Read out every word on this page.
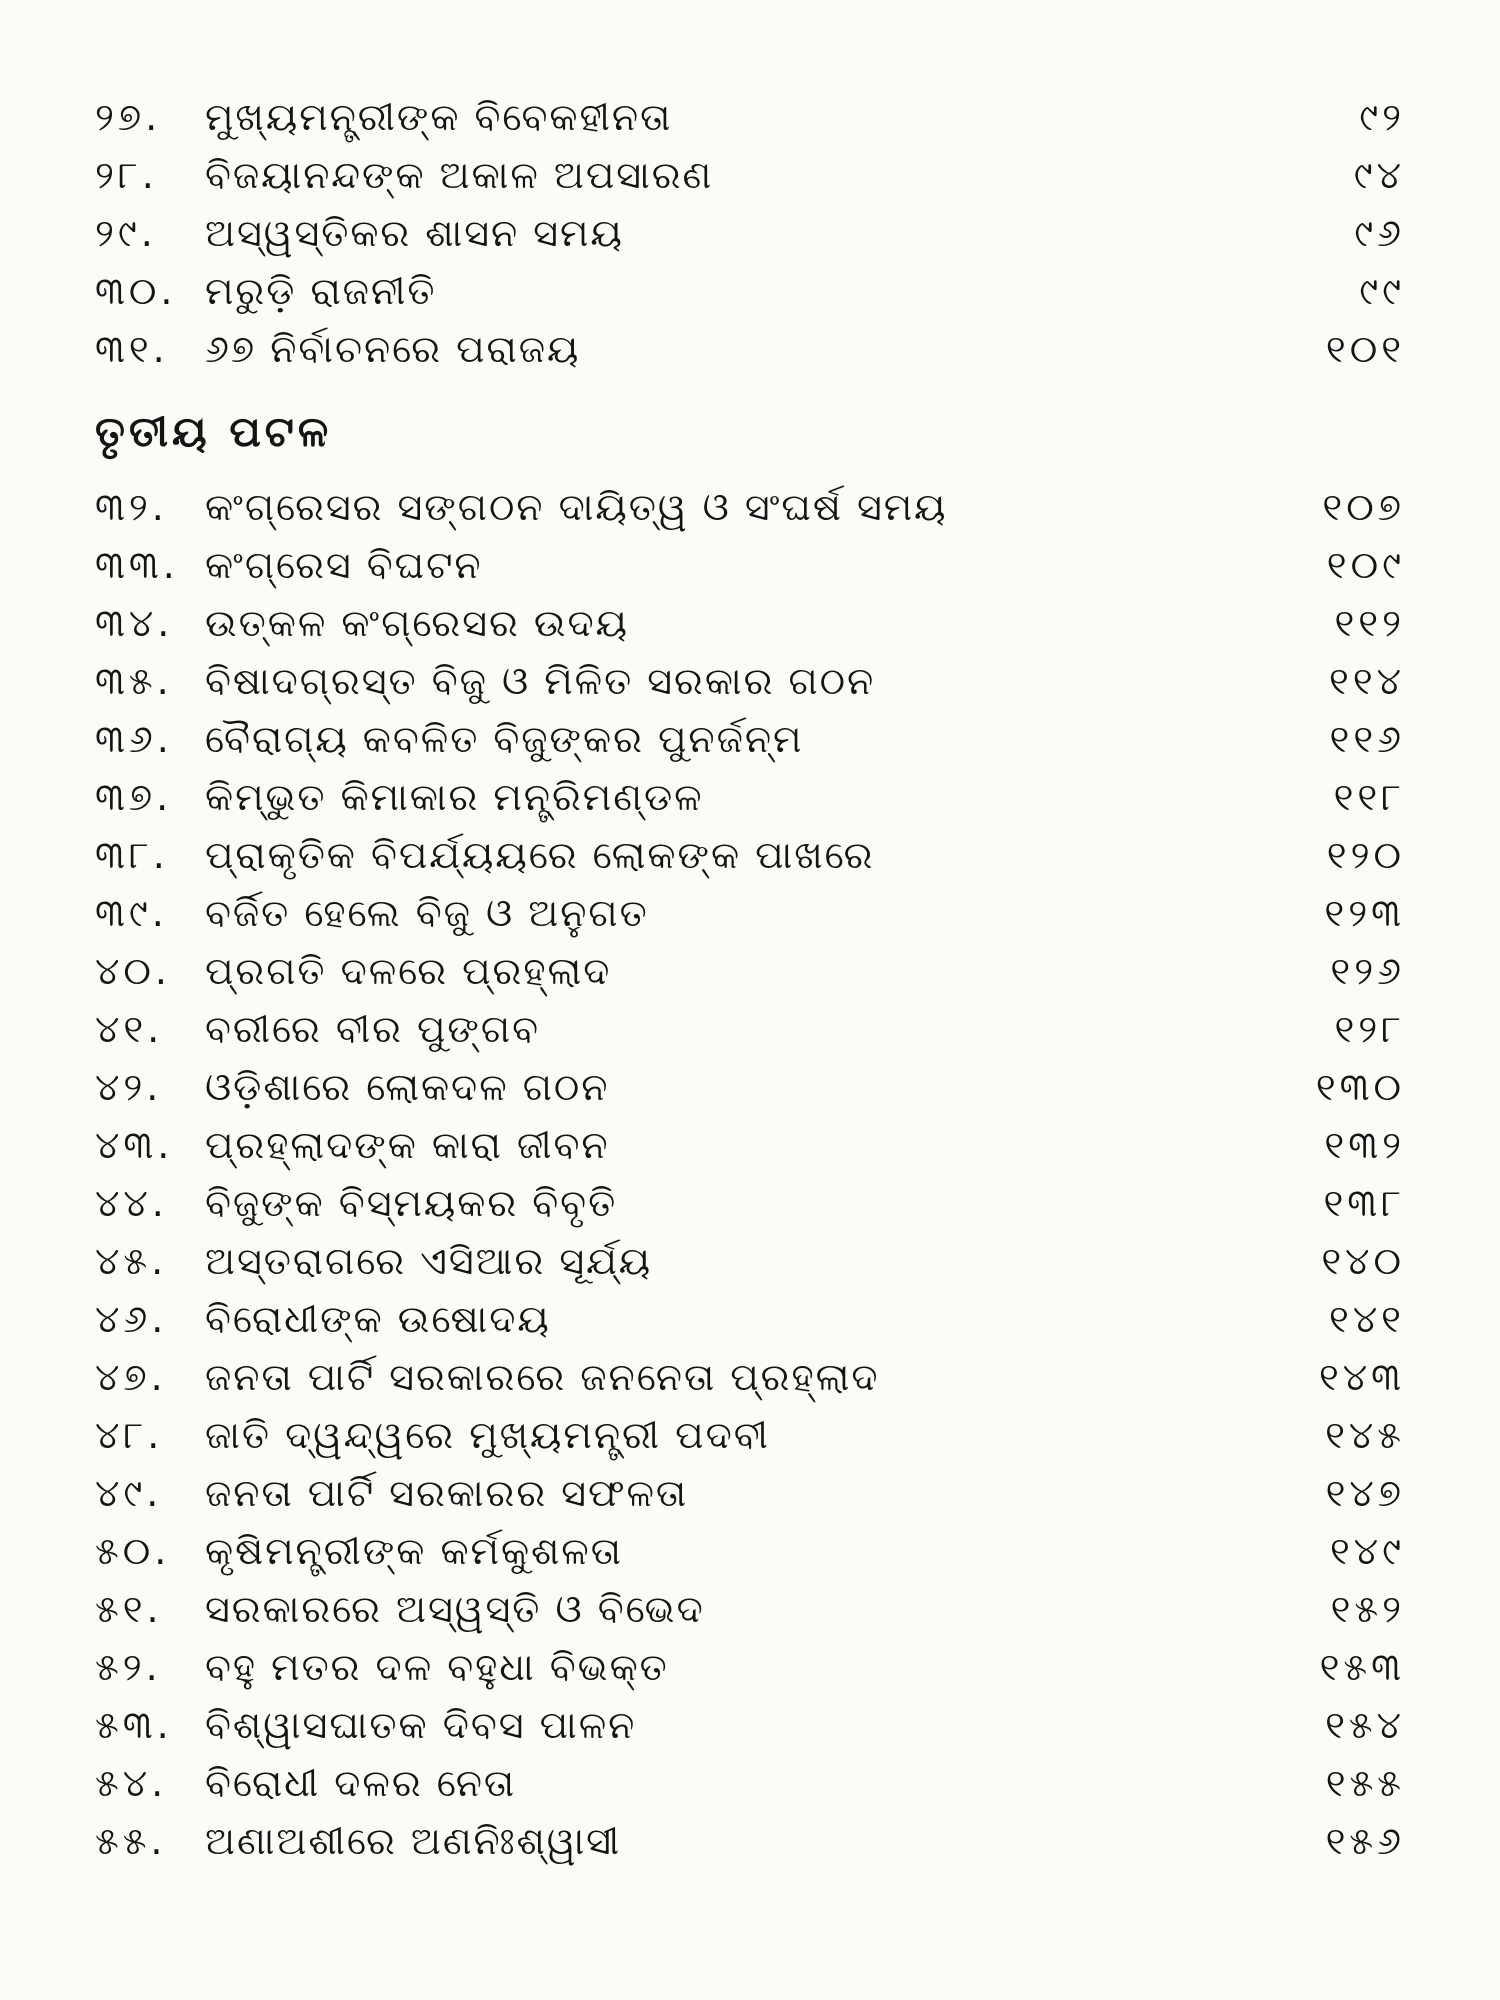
୨୭.	ମୁଖ୍ୟମନ୍ତ୍ରୀଙ୍କ ବିବେକହୀନତା	୯୨
୨୮.	ବିଜୟାନନ୍ଦଙ୍କ ଅକାଳ ଅପସାରଣ	୯୪
୨୯.	ଅସ୍ୱସ୍ତିକର ଶାସନ ସମୟ	୯୬
୩୦. ମରୁଡ଼ି ରାଜନୀତି	୯୯
୩୧. ୬୭ ନିର୍ବାଚନରେ ପରାଜୟ	୧୦୧
ତୃତୀୟ ପଟଳ
୩୨. କଂଗ୍ରେସର ସଙ୍ଗଠନ ଦାୟିତ୍ୱ ଓ ସଂଘର୍ଷ ସମୟ	୧୦୭
୩୩. କଂଗ୍ରେସ ବିଘଟନ	୧୦୯
୩୪. ଉତ୍କଳ କଂଗ୍ରେସର ଉଦୟ	୧୧୨
୩୫. ବିଷାଦଗ୍ରସ୍ତ ବିଜୁ ଓ ମିଳିତ ସରକାର ଗଠନ	୧୧୪
୩୬. ବୈରାଗ୍ୟ କବଳିତ ବିଜୁଙ୍କର ପୁନର୍ଜନ୍ମ	୧୧୬
୩୭. କିମ୍ଭୁତ କିମାକାର ମନ୍ତ୍ରିମଣ୍ଡଳ	୧୧୮
୩୮. ପ୍ରାକୃତିକ ବିପର୍ଯ୍ୟୟରେ ଲୋକଙ୍କ ପାଖରେ	୧୨୦
୩୯. ବର୍ଜିତ ହେଲେ ବିଜୁ ଓ ଅନୁଗତ	୧୨୩
୪୦. ପ୍ରଗତି ଦଳରେ ପ୍ରହ୍ଲାଦ	୧୨୬
୪୧.	ବରୀରେ ବୀର ପୁଙ୍ଗବ	୧୨୮
୪୨.	ଓଡ଼ିଶାରେ ଲୋକଦଳ ଗଠନ	୧୩୦
୪୩. ପ୍ରହ୍ଲାଦଙ୍କ କାରା ଜୀବନ	୧୩୨
୪୪. ବିଜୁଙ୍କ ବିସ୍ମୟକର ବିବୃତି	୧୩୮
୪୫. ଅସ୍ତରାଗରେ ଏସିଆର ସୂର୍ଯ୍ୟ	୧୪୦
୪୬. ବିରୋଧୀଙ୍କ ଉଷୋଦୟ	୧୪୧
୪୭.	ଜନତା ପାର୍ଟି ସରକାରରେ ଜନନେତା ପ୍ରହ୍ଲାଦ	୧୪୩
୪୮.	ଜାତି ଦ୍ୱନ୍ଦ୍ୱରେ ମୁଖ୍ୟମନ୍ତ୍ରୀ ପଦବୀ	୧୪୫
୪୯.	ଜନତା ପାର୍ଟି ସରକାରର ସଫଳତା	୧୪୭
୫୦. କୃଷିମନ୍ତ୍ରୀଙ୍କ କର୍ମକୁଶଳତା	୧୪୯
୫୧.	ସରକାରରେ ଅସ୍ୱସ୍ତି ଓ ବିଭେଦ	୧୫୨
୫୨.	ବହୁ ମତର ଦଳ ବହୁଧା ବିଭକ୍ତ	୧୫୩
୫୩. ବିଶ୍ୱାସଘାତକ ଦିବସ ପାଳନ	୧୫୪
୫୪. ବିରୋଧୀ ଦଳର ନେତା	୧୫୫
୫୫.	ଅଣାଅଶୀରେ ଅଣନିଃଶ୍ୱାସୀ	୧୫୬
